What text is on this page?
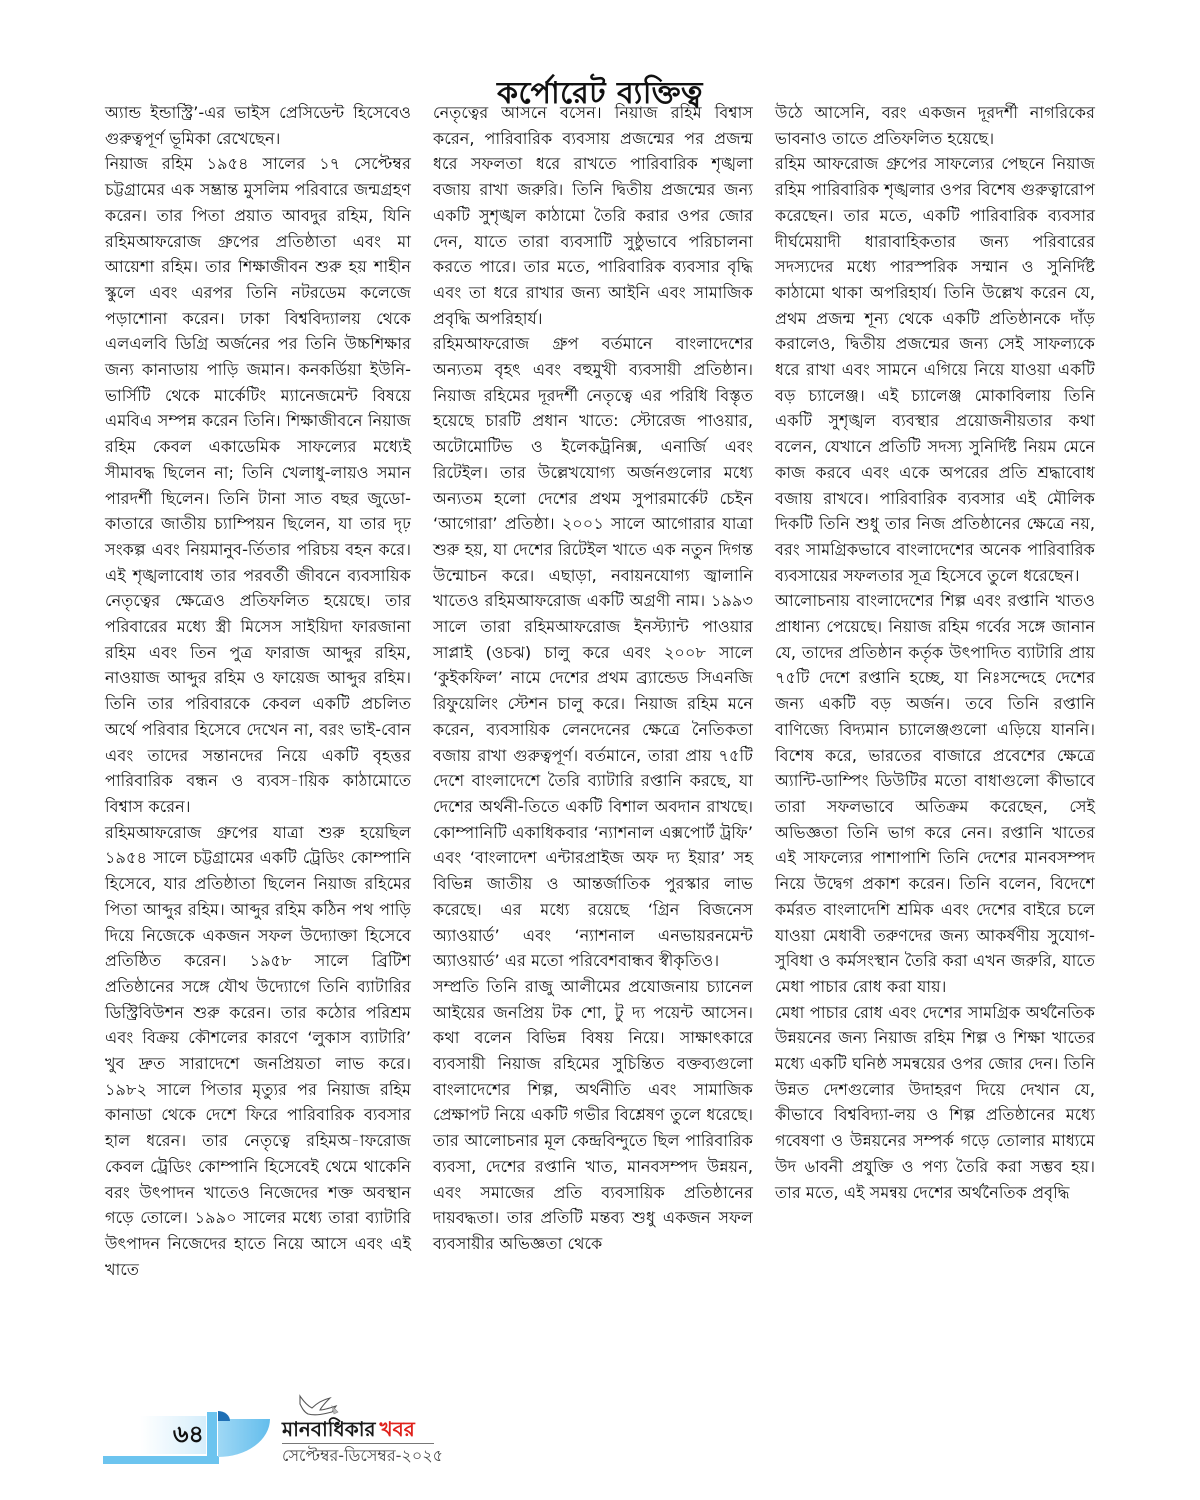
কর্পোরেট ব্যক্তিত্ব

অ্যান্ড ইন্ডাস্ট্রি’-এর ভাইস প্রেসিডেন্ট হিসেবেও গুরুত্বপূর্ণ ভূমিকা রেখেছেন।

নিয়াজ রহিম ১৯৫৪ সালের ১৭ সেপ্টেম্বর চট্টগ্রামের এক সম্ভ্রান্ত মুসলিম পরিবারে জন্মগ্রহণ করেন। তার পিতা প্রয়াত আবদুর রহিম, যিনি রহিমআফরোজ গ্রুপের প্রতিষ্ঠাতা এবং মা আয়েশা রহিম। তার শিক্ষাজীবন শুরু হয় শাহীন স্কুলে এবং এরপর তিনি নটরডেম কলেজে পড়াশোনা করেন। ঢাকা বিশ্ববিদ্যালয় থেকে এলএলবি ডিগ্রি অর্জনের পর তিনি উচ্চশিক্ষার জন্য কানাডায় পাড়ি জমান। কনকর্ডিয়া ইউনি-ভার্সিটি থেকে মার্কেটিং ম্যানেজমেন্ট বিষয়ে এমবিএ সম্পন্ন করেন তিনি। শিক্ষাজীবনে নিয়াজ রহিম কেবল একাডেমিক সাফল্যের মধ্যেই সীমাবদ্ধ ছিলেন না; তিনি খেলাধু-লায়ও সমান পারদর্শী ছিলেন। তিনি টানা সাত বছর জুডো-কাতারে জাতীয় চ্যাম্পিয়ন ছিলেন, যা তার দৃঢ় সংকল্প এবং নিয়মানুব-র্তিতার পরিচয় বহন করে। এই শৃঙ্খলাবোধ তার পরবর্তী জীবনে ব্যবসায়িক নেতৃত্বের ক্ষেত্রেও প্রতিফলিত হয়েছে। তার পরিবারের মধ্যে স্ত্রী মিসেস সাইয়িদা ফারজানা রহিম এবং তিন পুত্র ফারাজ আব্দুর রহিম, নাওয়াজ আব্দুর রহিম ও ফায়েজ আব্দুর রহিম। তিনি তার পরিবারকে কেবল একটি প্রচলিত অর্থে পরিবার হিসেবে দেখেন না, বরং ভাই-বোন এবং তাদের সন্তানদের নিয়ে একটি বৃহত্তর পারিবারিক বন্ধন ও ব্যবস-ায়িক কাঠামোতে বিশ্বাস করেন।

রহিমআফরোজ গ্রুপের যাত্রা শুরু হয়েছিল ১৯৫৪ সালে চট্টগ্রামের একটি ট্রেডিং কোম্পানি হিসেবে, যার প্রতিষ্ঠাতা ছিলেন নিয়াজ রহিমের পিতা আব্দুর রহিম। আব্দুর রহিম কঠিন পথ পাড়ি দিয়ে নিজেকে একজন সফল উদ্যোক্তা হিসেবে প্রতিষ্ঠিত করেন। ১৯৫৮ সালে ব্রিটিশ প্রতিষ্ঠানের সঙ্গে যৌথ উদ্যোগে তিনি ব্যাটারির ডিস্ট্রিবিউশন শুরু করেন। তার কঠোর পরিশ্রম এবং বিক্রয় কৌশলের কারণে ‘লুকাস ব্যাটারি’ খুব দ্রুত সারাদেশে জনপ্রিয়তা লাভ করে। ১৯৮২ সালে পিতার মৃত্যুর পর নিয়াজ রহিম কানাডা থেকে দেশে ফিরে পারিবারিক ব্যবসার হাল ধরেন। তার নেতৃত্বে রহিমঅ-াফরোজ কেবল ট্রেডিং কোম্পানি হিসেবেই থেমে থাকেনি বরং উৎপাদন খাতেও নিজেদের শক্ত অবস্থান গড়ে তোলে। ১৯৯০ সালের মধ্যে তারা ব্যাটারি উৎপাদন নিজেদের হাতে নিয়ে আসে এবং এই খাতে

নেতৃত্বের আসনে বসেন। নিয়াজ রহিম বিশ্বাস করেন, পারিবারিক ব্যবসায় প্রজন্মের পর প্রজন্ম ধরে সফলতা ধরে রাখতে পারিবারিক শৃঙ্খলা বজায় রাখা জরুরি। তিনি দ্বিতীয় প্রজন্মের জন্য একটি সুশৃঙ্খল কাঠামো তৈরি করার ওপর জোর দেন, যাতে তারা ব্যবসাটি সুষ্ঠুভাবে পরিচালনা করতে পারে। তার মতে, পারিবারিক ব্যবসার বৃদ্ধি এবং তা ধরে রাখার জন্য আইনি এবং সামাজিক প্রবৃদ্ধি অপরিহার্য।

রহিমআফরোজ গ্রুপ বর্তমানে বাংলাদেশের অন্যতম বৃহৎ এবং বহুমুখী ব্যবসায়ী প্রতিষ্ঠান। নিয়াজ রহিমের দূরদর্শী নেতৃত্বে এর পরিধি বিস্তৃত হয়েছে চারটি প্রধান খাতে: স্টোরেজ পাওয়ার, অটোমোটিভ ও ইলেকট্রনিক্স, এনার্জি এবং রিটেইল। তার উল্লেখযোগ্য অর্জনগুলোর মধ্যে অন্যতম হলো দেশের প্রথম সুপারমার্কেট চেইন ‘আগোরা’ প্রতিষ্ঠা। ২০০১ সালে আগোরার যাত্রা শুরু হয়, যা দেশের রিটেইল খাতে এক নতুন দিগন্ত উন্মোচন করে। এছাড়া, নবায়নযোগ্য জ্বালানি খাতেও রহিমআফরোজ একটি অগ্রণী নাম। ১৯৯৩ সালে তারা রহিমআফরোজ ইনস্ট্যান্ট পাওয়ার সাপ্লাই (ওচঝ) চালু করে এবং ২০০৮ সালে ‘কুইকফিল’ নামে দেশের প্রথম ব্র্যান্ডেড সিএনজি রিফুয়েলিং স্টেশন চালু করে। নিয়াজ রহিম মনে করেন, ব্যবসায়িক লেনদেনের ক্ষেত্রে নৈতিকতা বজায় রাখা গুরুত্বপূর্ণ। বর্তমানে, তারা প্রায় ৭৫টি দেশে বাংলাদেশে তৈরি ব্যাটারি রপ্তানি করছে, যা দেশের অর্থনী-তিতে একটি বিশাল অবদান রাখছে। কোম্পানিটি একাধিকবার ‘ন্যাশনাল এক্সপোর্ট ট্রফি’ এবং ‘বাংলাদেশ এন্টারপ্রাইজ অফ দ্য ইয়ার’ সহ বিভিন্ন জাতীয় ও আন্তর্জাতিক পুরস্কার লাভ করেছে। এর মধ্যে রয়েছে ‘গ্রিন বিজনেস অ্যাওয়ার্ড’ এবং ‘ন্যাশনাল এনভায়রনমেন্ট অ্যাওয়ার্ড’ এর মতো পরিবেশবান্ধব স্বীকৃতিও।

সম্প্রতি তিনি রাজু আলীমের প্রযোজনায় চ্যানেল আইয়ের জনপ্রিয় টক শো, টু দ্য পয়েন্ট আসেন। কথা বলেন বিভিন্ন বিষয় নিয়ে। সাক্ষাৎকারে ব্যবসায়ী নিয়াজ রহিমের সুচিন্তিত বক্তব্যগুলো বাংলাদেশের শিল্প, অর্থনীতি এবং সামাজিক প্রেক্ষাপট নিয়ে একটি গভীর বিশ্লেষণ তুলে ধরেছে। তার আলোচনার মূল কেন্দ্রবিন্দুতে ছিল পারিবারিক ব্যবসা, দেশের রপ্তানি খাত, মানবসম্পদ উন্নয়ন, এবং সমাজের প্রতি ব্যবসায়িক প্রতিষ্ঠানের দায়বদ্ধতা। তার প্রতিটি মন্তব্য শুধু একজন সফল ব্যবসায়ীর অভিজ্ঞতা থেকে

উঠে আসেনি, বরং একজন দূরদর্শী নাগরিকের ভাবনাও তাতে প্রতিফলিত হয়েছে।

রহিম আফরোজ গ্রুপের সাফল্যের পেছনে নিয়াজ রহিম পারিবারিক শৃঙ্খলার ওপর বিশেষ গুরুত্বারোপ করেছেন। তার মতে, একটি পারিবারিক ব্যবসার দীর্ঘমেয়াদী ধারাবাহিকতার জন্য পরিবারের সদস্যদের মধ্যে পারস্পরিক সম্মান ও সুনির্দিষ্ট কাঠামো থাকা অপরিহার্য। তিনি উল্লেখ করেন যে, প্রথম প্রজন্ম শূন্য থেকে একটি প্রতিষ্ঠানকে দাঁড় করালেও, দ্বিতীয় প্রজন্মের জন্য সেই সাফল্যকে ধরে রাখা এবং সামনে এগিয়ে নিয়ে যাওয়া একটি বড় চ্যালেঞ্জ। এই চ্যালেঞ্জ মোকাবিলায় তিনি একটি সুশৃঙ্খল ব্যবস্থার প্রয়োজনীয়তার কথা বলেন, যেখানে প্রতিটি সদস্য সুনির্দিষ্ট নিয়ম মেনে কাজ করবে এবং একে অপরের প্রতি শ্রদ্ধাবোধ বজায় রাখবে। পারিবারিক ব্যবসার এই মৌলিক দিকটি তিনি শুধু তার নিজ প্রতিষ্ঠানের ক্ষেত্রে নয়, বরং সামগ্রিকভাবে বাংলাদেশের অনেক পারিবারিক ব্যবসায়ের সফলতার সূত্র হিসেবে তুলে ধরেছেন।

আলোচনায় বাংলাদেশের শিল্প এবং রপ্তানি খাতও প্রাধান্য পেয়েছে। নিয়াজ রহিম গর্বের সঙ্গে জানান যে, তাদের প্রতিষ্ঠান কর্তৃক উৎপাদিত ব্যাটারি প্রায় ৭৫টি দেশে রপ্তানি হচ্ছে, যা নিঃসন্দেহে দেশের জন্য একটি বড় অর্জন। তবে তিনি রপ্তানি বাণিজ্যে বিদ্যমান চ্যালেঞ্জগুলো এড়িয়ে যাননি। বিশেষ করে, ভারতের বাজারে প্রবেশের ক্ষেত্রে অ্যান্টি-ডাম্পিং ডিউটির মতো বাধাগুলো কীভাবে তারা সফলভাবে অতিক্রম করেছেন, সেই অভিজ্ঞতা তিনি ভাগ করে নেন। রপ্তানি খাতের এই সাফল্যের পাশাপাশি তিনি দেশের মানবসম্পদ নিয়ে উদ্বেগ প্রকাশ করেন। তিনি বলেন, বিদেশে কর্মরত বাংলাদেশি শ্রমিক এবং দেশের বাইরে চলে যাওয়া মেধাবী তরুণদের জন্য আকর্ষণীয় সুযোগ-সুবিধা ও কর্মসংস্থান তৈরি করা এখন জরুরি, যাতে মেধা পাচার রোধ করা যায়।

মেধা পাচার রোধ এবং দেশের সামগ্রিক অর্থনৈতিক উন্নয়নের জন্য নিয়াজ রহিম শিল্প ও শিক্ষা খাতের মধ্যে একটি ঘনিষ্ঠ সমন্বয়ের ওপর জোর দেন। তিনি উন্নত দেশগুলোর উদাহরণ দিয়ে দেখান যে, কীভাবে বিশ্ববিদ্যা-লয় ও শিল্প প্রতিষ্ঠানের মধ্যে গবেষণা ও উন্নয়নের সম্পর্ক গড়ে তোলার মাধ্যমে উদ ৬াবনী প্রযুক্তি ও পণ্য তৈরি করা সম্ভব হয়। তার মতে, এই সমন্বয় দেশের অর্থনৈতিক প্রবৃদ্ধি

৬৪	মানবাধিকার খবর
সেপ্টেম্বর-ডিসেম্বর-২০২৫
